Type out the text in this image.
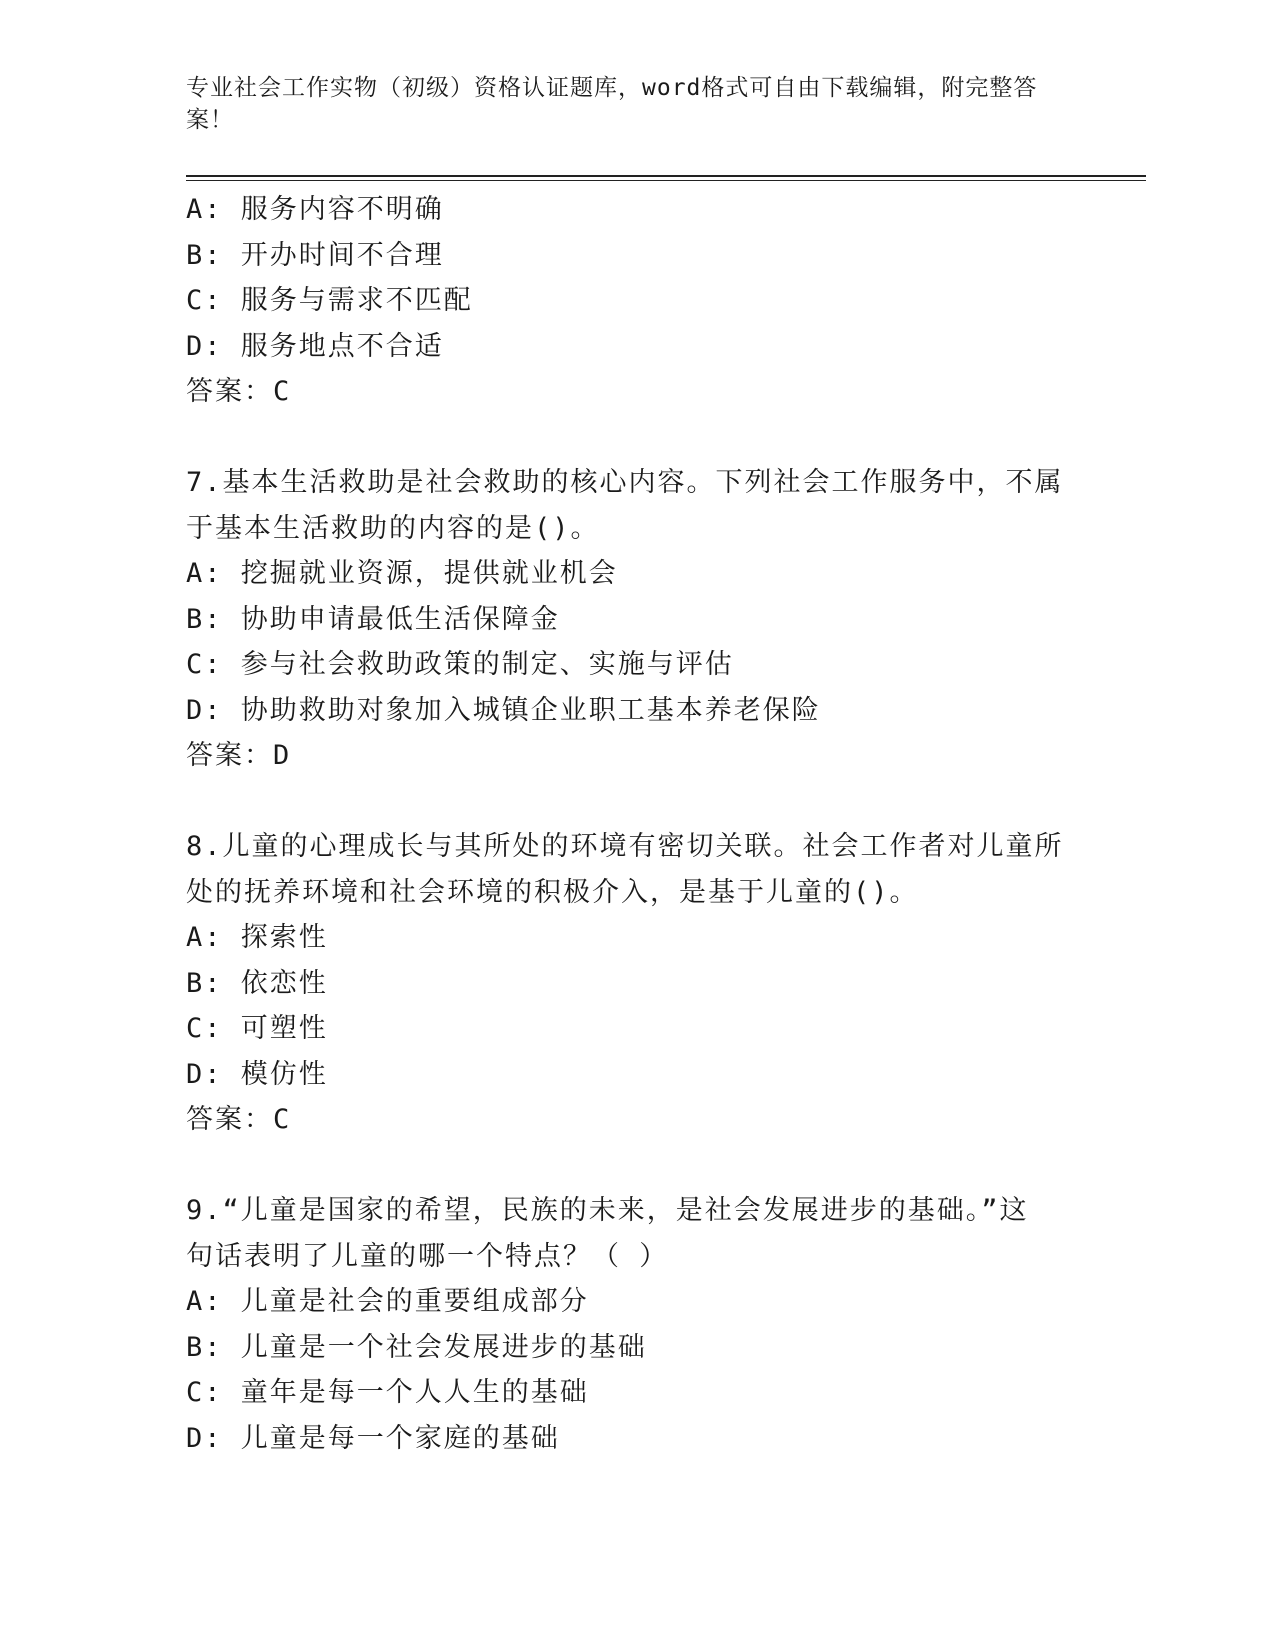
专业社会工作实物（初级）资格认证题库，word格式可自由下载编辑，附完整答
案！
A: 服务内容不明确
B: 开办时间不合理
C: 服务与需求不匹配
D: 服务地点不合适
答案：C
7.基本生活救助是社会救助的核心内容。下列社会工作服务中，不属
于基本生活救助的内容的是()。
A: 挖掘就业资源，提供就业机会
B: 协助申请最低生活保障金
C: 参与社会救助政策的制定、实施与评估
D: 协助救助对象加入城镇企业职工基本养老保险
答案：D
8.儿童的心理成长与其所处的环境有密切关联。社会工作者对儿童所
处的抚养环境和社会环境的积极介入，是基于儿童的()。
A: 探索性
B: 依恋性
C: 可塑性
D: 模仿性
答案：C
9.“儿童是国家的希望，民族的未来，是社会发展进步的基础。”这
句话表明了儿童的哪一个特点？（ ）
A: 儿童是社会的重要组成部分
B: 儿童是一个社会发展进步的基础
C: 童年是每一个人人生的基础
D: 儿童是每一个家庭的基础
